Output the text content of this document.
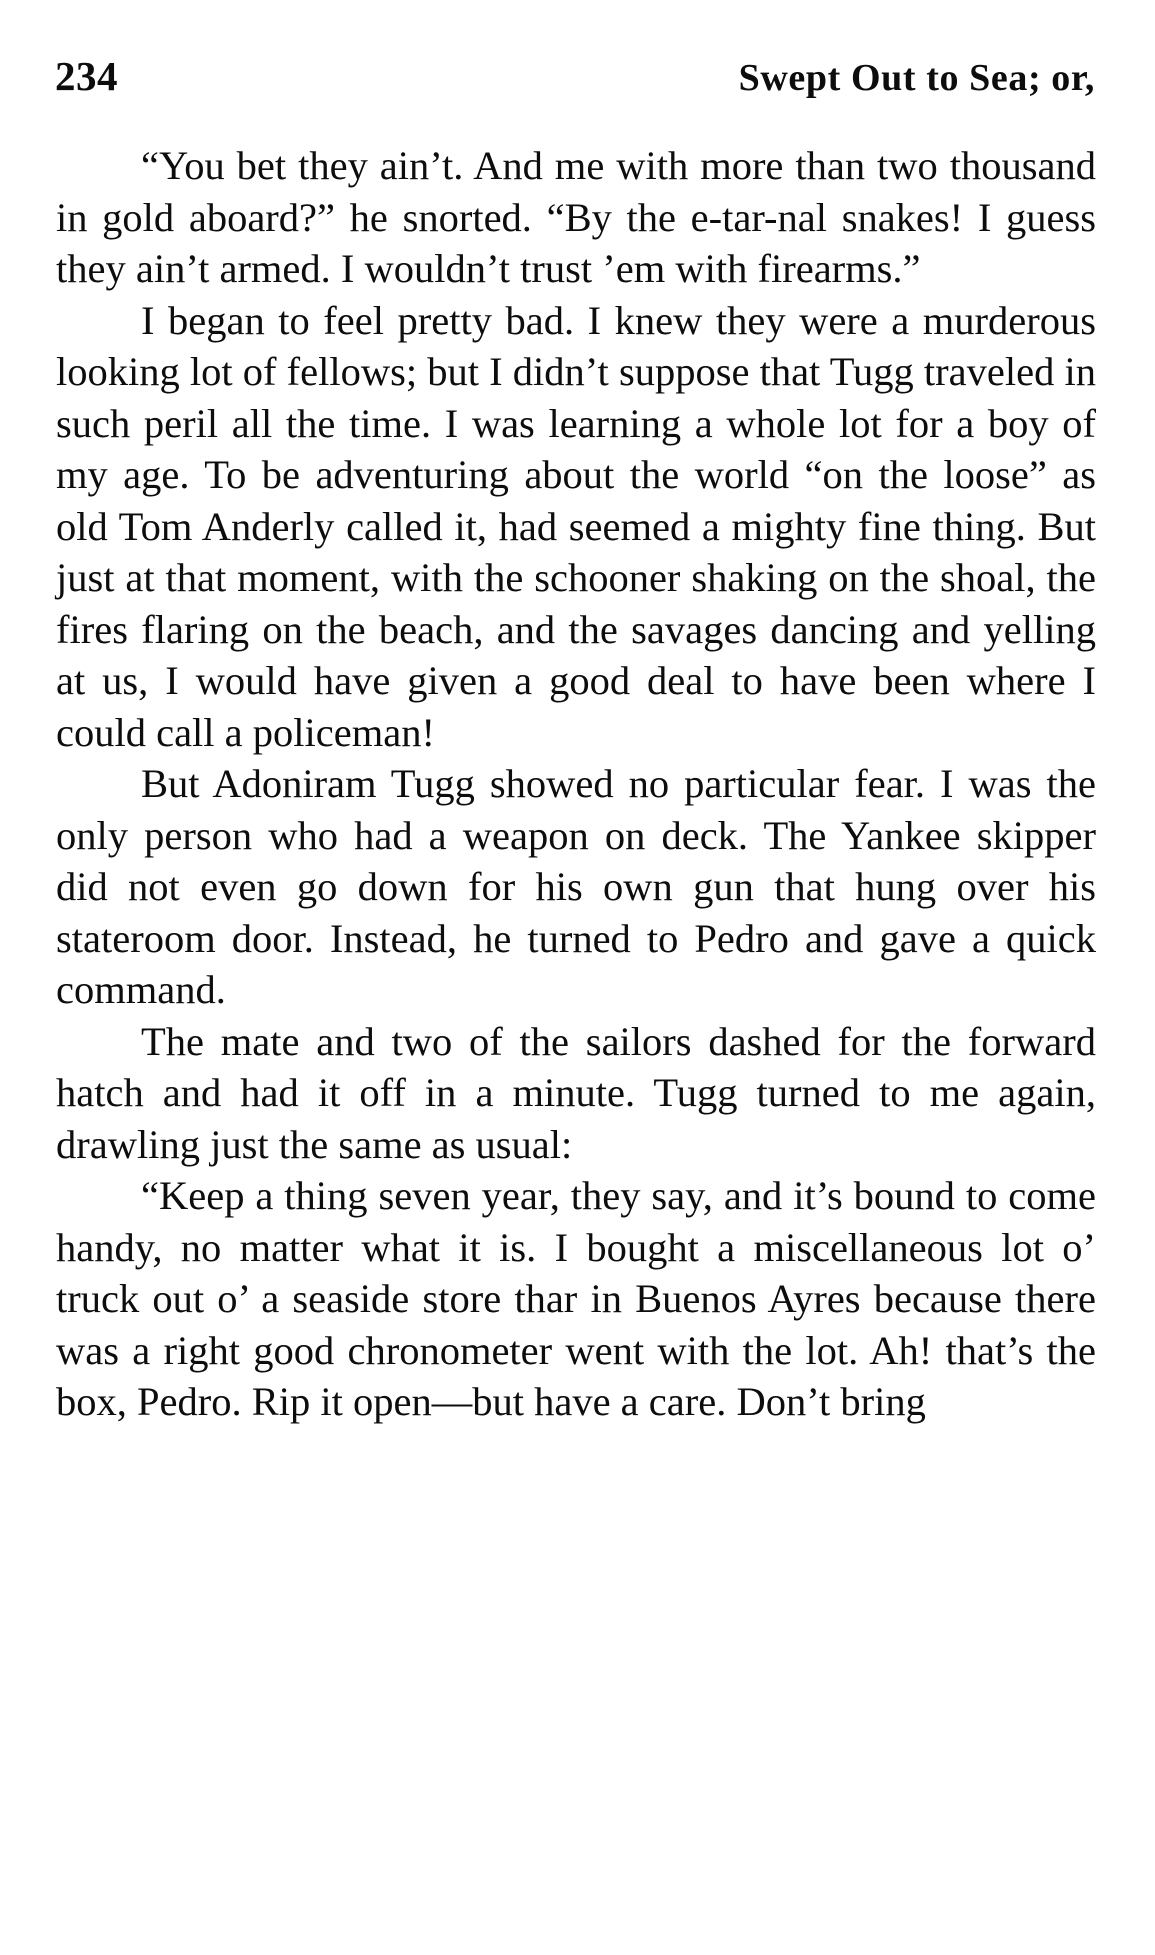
234	Swept Out to Sea; or,

“You bet they ain’t. And me with more than two thousand in gold aboard?” he snorted. “By the e-tar-nal snakes! I guess they ain’t armed. I wouldn’t trust ’em with firearms.”

I began to feel pretty bad. I knew they were a murderous looking lot of fellows; but I didn’t suppose that Tugg traveled in such peril all the time. I was learning a whole lot for a boy of my age. To be adventuring about the world “on the loose” as old Tom Anderly called it, had seemed a mighty fine thing. But just at that moment, with the schooner shaking on the shoal, the fires flaring on the beach, and the savages dancing and yelling at us, I would have given a good deal to have been where I could call a policeman!

But Adoniram Tugg showed no particular fear. I was the only person who had a weapon on deck. The Yankee skipper did not even go down for his own gun that hung over his stateroom door. Instead, he turned to Pedro and gave a quick command.

The mate and two of the sailors dashed for the forward hatch and had it off in a minute. Tugg turned to me again, drawling just the same as usual:

“Keep a thing seven year, they say, and it’s bound to come handy, no matter what it is. I bought a miscellaneous lot o’ truck out o’ a seaside store thar in Buenos Ayres because there was a right good chronometer went with the lot. Ah! that’s the box, Pedro. Rip it open—but have a care. Don’t bring
